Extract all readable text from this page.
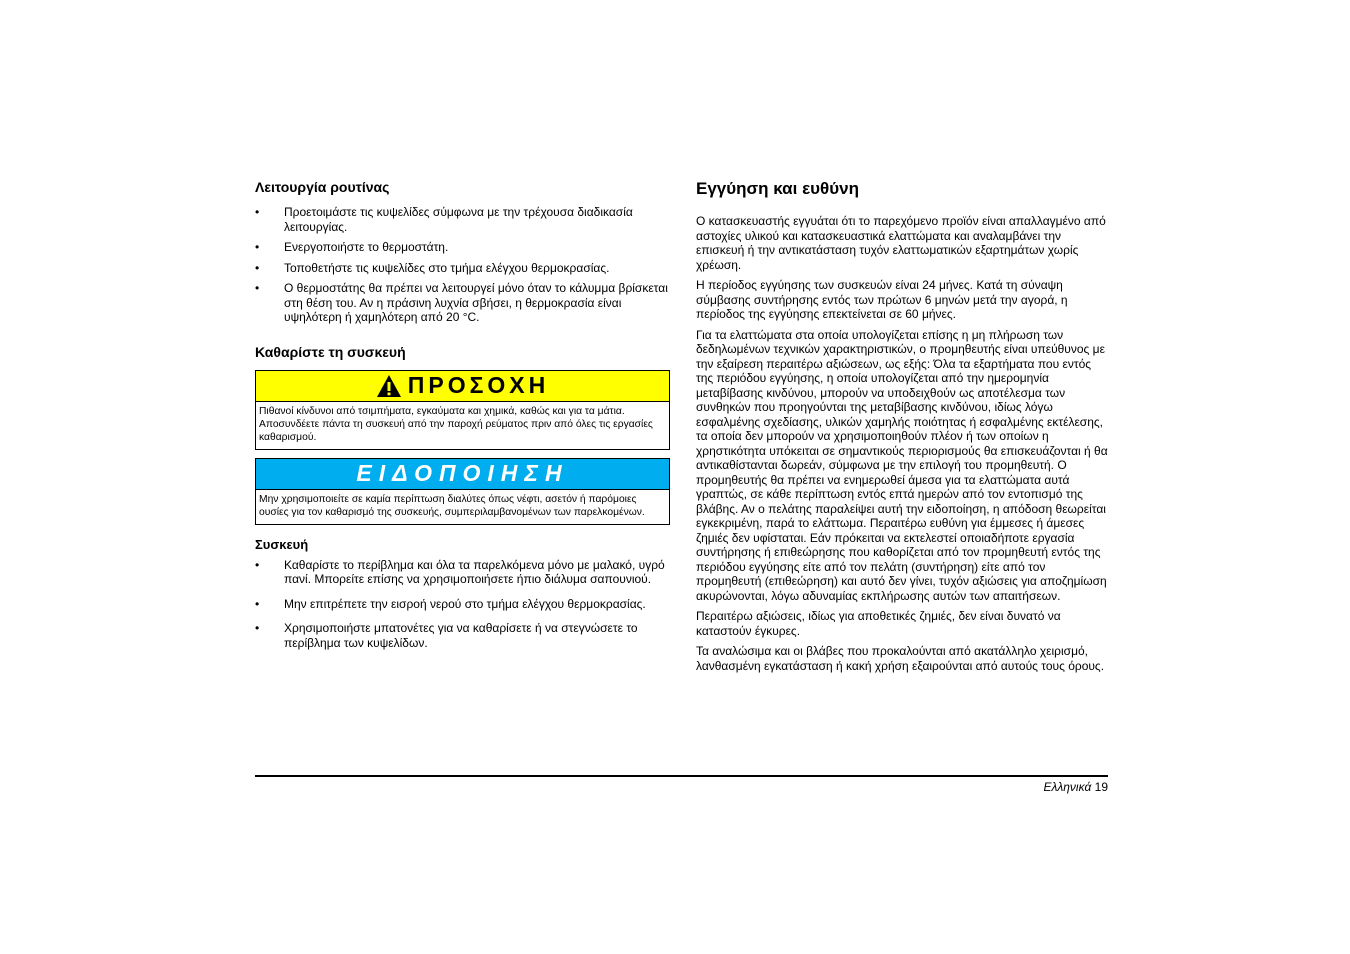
Λειτουργία ρουτίνας
• Προετοιμάστε τις κυψελίδες σύμφωνα με την τρέχουσα διαδικασία λειτουργίας.
• Ενεργοποιήστε το θερμοστάτη.
• Τοποθετήστε τις κυψελίδες στο τμήμα ελέγχου θερμοκρασίας.
• Ο θερμοστάτης θα πρέπει να λειτουργεί μόνο όταν το κάλυμμα βρίσκεται στη θέση του. Αν η πράσινη λυχνία σβήσει, η θερμοκρασία είναι υψηλότερη ή χαμηλότερη από 20 °C.
Καθαρίστε τη συσκευή
ΠΡΟΣΟΧΗ
Πιθανοί κίνδυνοι από τσιμπήματα, εγκαύματα και χημικά, καθώς και για τα μάτια. Αποσυνδέετε πάντα τη συσκευή από την παροχή ρεύματος πριν από όλες τις εργασίες καθαρισμού.
ΕΙΔΟΠΟΙΗΣΗ
Μην χρησιμοποιείτε σε καμία περίπτωση διαλύτες όπως νέφτι, ασετόν ή παρόμοιες ουσίες για τον καθαρισμό της συσκευής, συμπεριλαμβανομένων των παρελκομένων.
Συσκευή
• Καθαρίστε το περίβλημα και όλα τα παρελκόμενα μόνο με μαλακό, υγρό πανί. Μπορείτε επίσης να χρησιμοποιήσετε ήπιο διάλυμα σαπουνιού.
• Μην επιτρέπετε την εισροή νερού στο τμήμα ελέγχου θερμοκρασίας.
• Χρησιμοποιήστε μπατονέτες για να καθαρίσετε ή να στεγνώσετε το περίβλημα των κυψελίδων.
Εγγύηση και ευθύνη

Ο κατασκευαστής εγγυάται ότι το παρεχόμενο προϊόν είναι απαλλαγμένο από αστοχίες υλικού και κατασκευαστικά ελαττώματα και αναλαμβάνει την επισκευή ή την αντικατάσταση τυχόν ελαττωματικών εξαρτημάτων χωρίς χρέωση.

Η περίοδος εγγύησης των συσκευών είναι 24 μήνες. Κατά τη σύναψη σύμβασης συντήρησης εντός των πρώτων 6 μηνών μετά την αγορά, η περίοδος της εγγύησης επεκτείνεται σε 60 μήνες.

Για τα ελαττώματα στα οποία υπολογίζεται επίσης η μη πλήρωση των δεδηλωμένων τεχνικών χαρακτηριστικών, ο προμηθευτής είναι υπεύθυνος με την εξαίρεση περαιτέρω αξιώσεων, ως εξής: Όλα τα εξαρτήματα που εντός της περιόδου εγγύησης, η οποία υπολογίζεται από την ημερομηνία μεταβίβασης κινδύνου, μπορούν να υποδειχθούν ως αποτέλεσμα των συνθηκών που προηγούνται της μεταβίβασης κινδύνου, ιδίως λόγω εσφαλμένης σχεδίασης, υλικών χαμηλής ποιότητας ή εσφαλμένης εκτέλεσης, τα οποία δεν μπορούν να χρησιμοποιηθούν πλέον ή των οποίων η χρηστικότητα υπόκειται σε σημαντικούς περιορισμούς θα επισκευάζονται ή θα αντικαθίστανται δωρεάν, σύμφωνα με την επιλογή του προμηθευτή. Ο προμηθευτής θα πρέπει να ενημερωθεί άμεσα για τα ελαττώματα αυτά γραπτώς, σε κάθε περίπτωση εντός επτά ημερών από τον εντοπισμό της βλάβης. Αν ο πελάτης παραλείψει αυτή την ειδοποίηση, η απόδοση θεωρείται εγκεκριμένη, παρά το ελάττωμα. Περαιτέρω ευθύνη για έμμεσες ή άμεσες ζημιές δεν υφίσταται. Εάν πρόκειται να εκτελεστεί οποιαδήποτε εργασία συντήρησης ή επιθεώρησης που καθορίζεται από τον προμηθευτή εντός της περιόδου εγγύησης είτε από τον πελάτη (συντήρηση) είτε από τον προμηθευτή (επιθεώρηση) και αυτό δεν γίνει, τυχόν αξιώσεις για αποζημίωση ακυρώνονται, λόγω αδυναμίας εκπλήρωσης αυτών των απαιτήσεων.

Περαιτέρω αξιώσεις, ιδίως για αποθετικές ζημιές, δεν είναι δυνατό να καταστούν έγκυρες.

Τα αναλώσιμα και οι βλάβες που προκαλούνται από ακατάλληλο χειρισμό, λανθασμένη εγκατάσταση ή κακή χρήση εξαιρούνται από αυτούς τους όρους.

Ελληνικά 19
